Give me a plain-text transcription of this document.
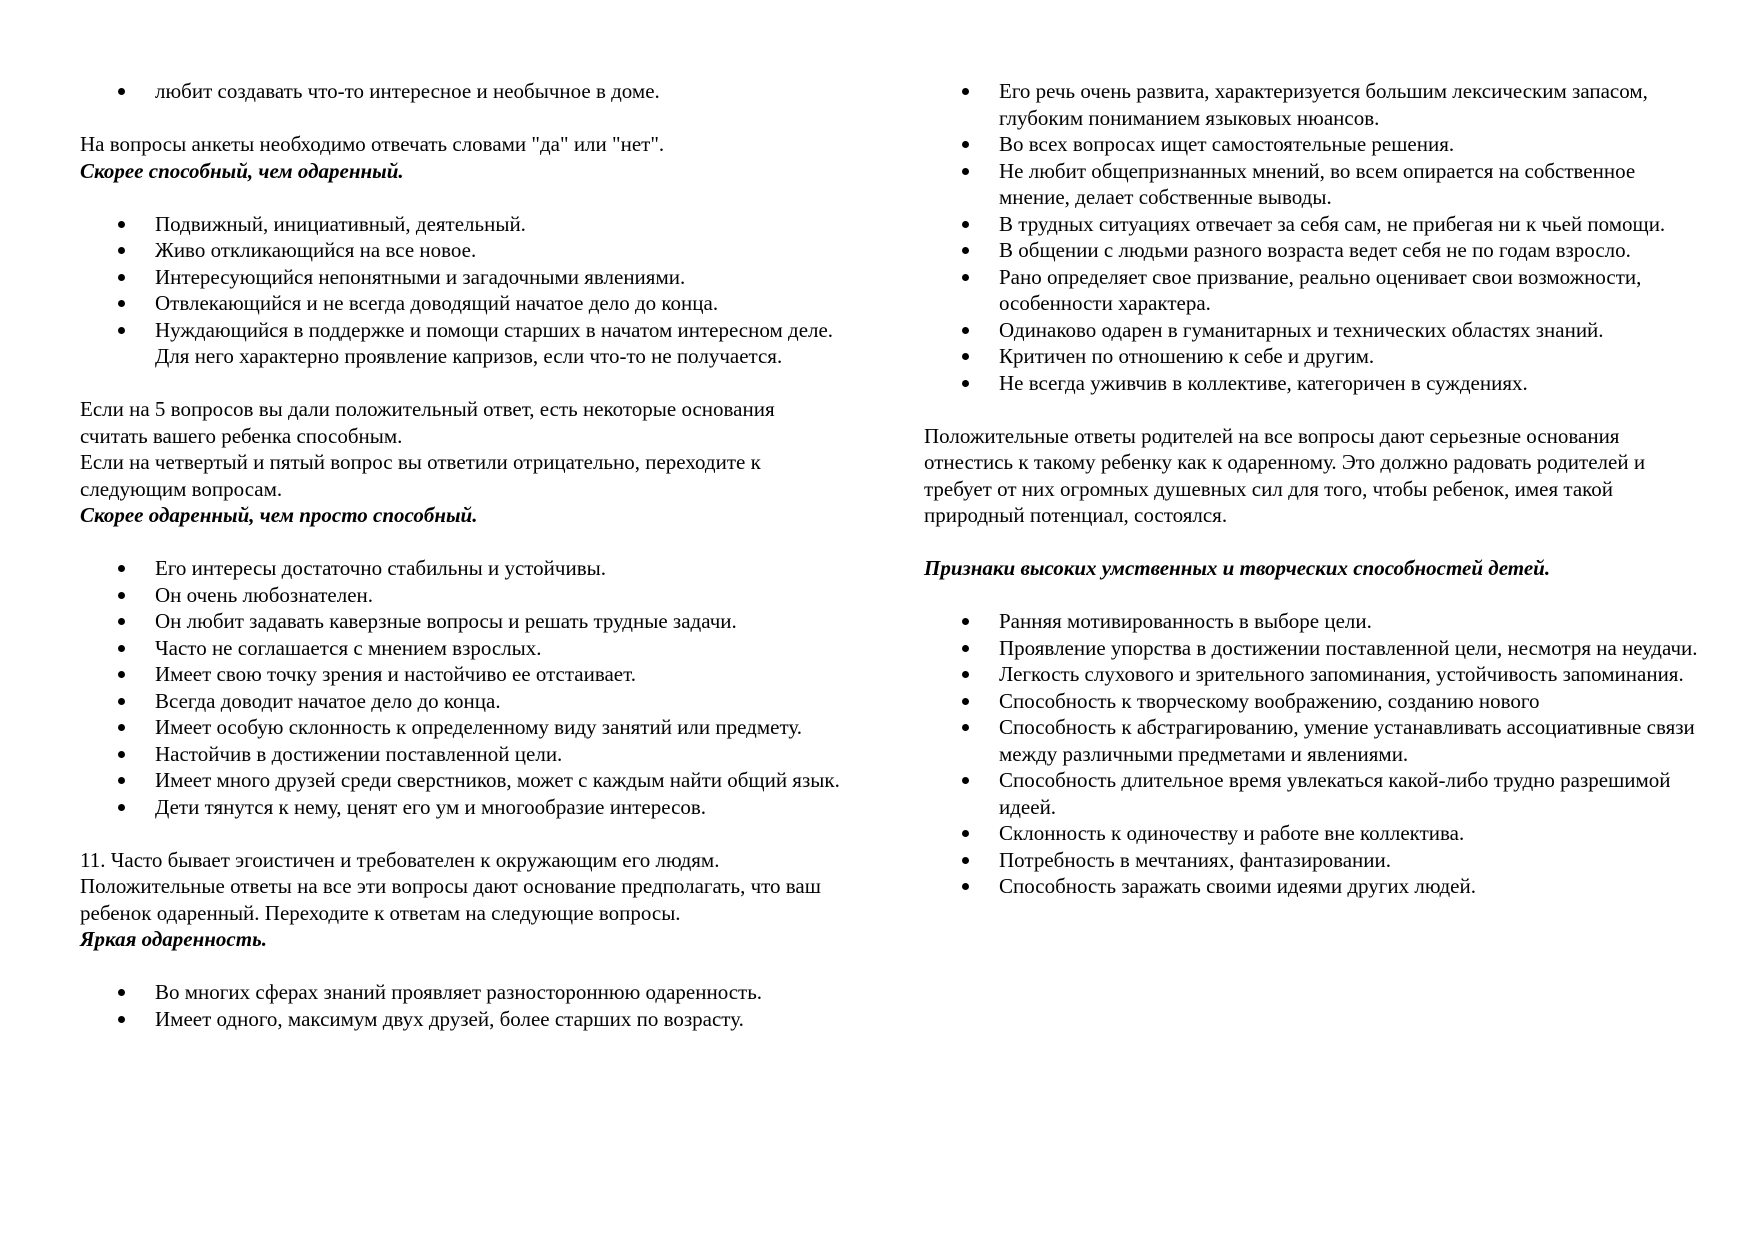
любит создавать что-то интересное и необычное в доме.

На вопросы анкеты необходимо отвечать словами "да" или "нет".

Скорее способный, чем одаренный.

Подвижный, инициативный, деятельный.
Живо откликающийся на все новое.
Интересующийся непонятными и загадочными явлениями.
Отвлекающийся и не всегда доводящий начатое дело до конца.
Нуждающийся в поддержке и помощи старших в начатом интересном деле. Для него характерно проявление капризов, если что-то не получается.

Если на 5 вопросов вы дали положительный ответ, есть некоторые основания считать вашего ребенка способным.

Если на четвертый и пятый вопрос вы ответили отрицательно, переходите к следующим вопросам.

Скорее одаренный, чем просто способный.

Его интересы достаточно стабильны и устойчивы.
Он очень любознателен.
Он любит задавать каверзные вопросы и решать трудные задачи.
Часто не соглашается с мнением взрослых.
Имеет свою точку зрения и настойчиво ее отстаивает.
Всегда доводит начатое дело до конца.
Имеет особую склонность к определенному виду занятий или предмету.
Настойчив в достижении поставленной цели.
Имеет много друзей среди сверстников, может с каждым найти общий язык.
Дети тянутся к нему, ценят его ум и многообразие интересов.

11. Часто бывает эгоистичен и требователен к окружающим его людям. Положительные ответы на все эти вопросы дают основание предполагать, что ваш ребенок одаренный. Переходите к ответам на следующие вопросы.

Яркая одаренность.

Во многих сферах знаний проявляет разностороннюю одаренность.
Имеет одного, максимум двух друзей, более старших по возрасту.
Его речь очень развита, характеризуется большим лексическим запасом, глубоким пониманием языковых нюансов.
Во всех вопросах ищет самостоятельные решения.
Не любит общепризнанных мнений, во всем опирается на собственное мнение, делает собственные выводы.
В трудных ситуациях отвечает за себя сам, не прибегая ни к чьей помощи.
В общении с людьми разного возраста ведет себя не по годам взросло.
Рано определяет свое призвание, реально оценивает свои возможности, особенности характера.
Одинаково одарен в гуманитарных и технических областях знаний.
Критичен по отношению к себе и другим.
Не всегда уживчив в коллективе, категоричен в суждениях.

Положительные ответы родителей на все вопросы дают серьезные основания отнестись к такому ребенку как к одаренному. Это должно радовать родителей и требует от них огромных душевных сил для того, чтобы ребенок, имея такой природный потенциал, состоялся.

Признаки высоких умственных и творческих способностей детей.

Ранняя мотивированность в выборе цели.
Проявление упорства в достижении поставленной цели, несмотря на неудачи.
Легкость слухового и зрительного запоминания, устойчивость запоминания.
Способность к творческому воображению, созданию нового
Способность к абстрагированию, умение устанавливать ассоциативные связи между различными предметами и явлениями.
Способность длительное время увлекаться какой-либо трудно разрешимой идеей.
Склонность к одиночеству и работе вне коллектива.
Потребность в мечтаниях, фантазировании.
Способность заражать своими идеями других людей.
